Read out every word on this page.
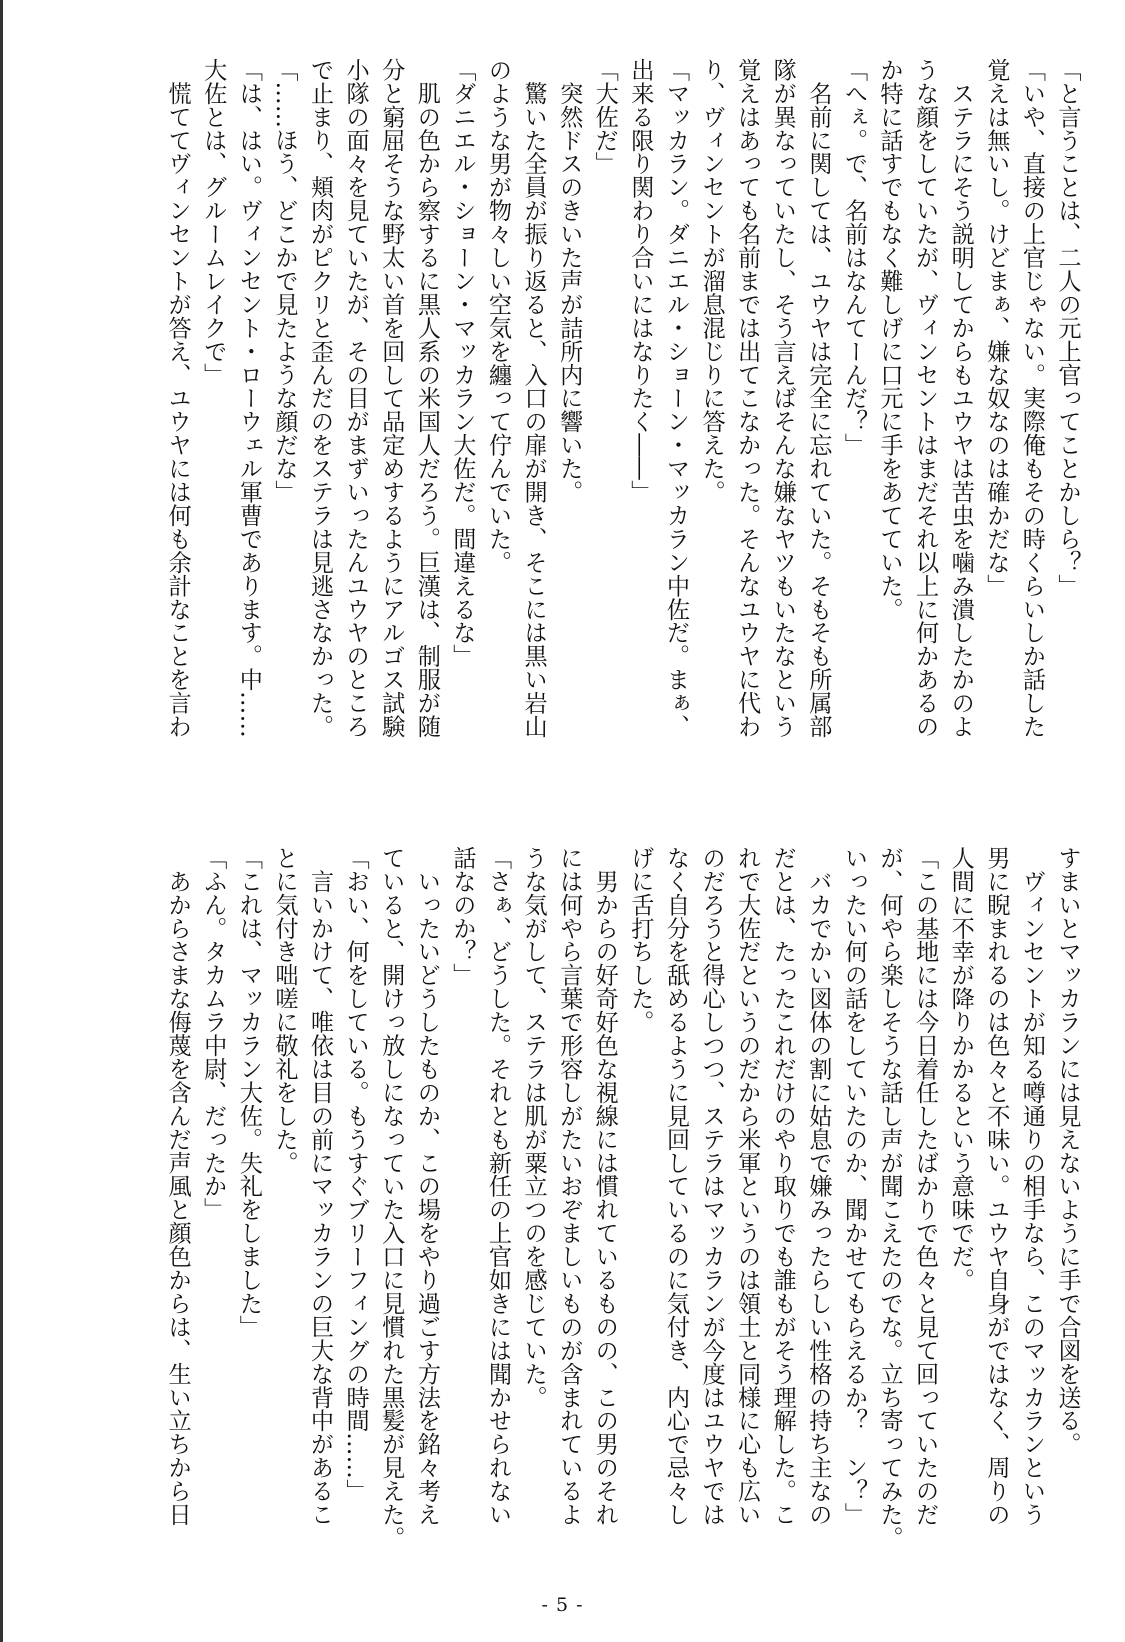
「と言うことは、二人の元上官ってことかしら？」
「いや、直接の上官じゃない。実際俺もその時くらいしか話した
覚えは無いし。けどまぁ、嫌な奴なのは確かだな」
　ステラにそう説明してからもユウヤは苦虫を噛み潰したかのよ
うな顔をしていたが、ヴィンセントはまだそれ以上に何かあるの
か特に話すでもなく難しげに口元に手をあてていた。
「へぇ。で、名前はなんてーんだ？」
　名前に関しては、ユウヤは完全に忘れていた。そもそも所属部
隊が異なっていたし、そう言えばそんな嫌なヤツもいたなという
覚えはあっても名前までは出てこなかった。そんなユウヤに代わ
り、ヴィンセントが溜息混じりに答えた。
「マッカラン。ダニエル・ショーン・マッカラン中佐だ。まぁ、
出来る限り関わり合いにはなりたく――」
「大佐だ」
　突然ドスのきいた声が詰所内に響いた。
　驚いた全員が振り返ると、入口の扉が開き、そこには黒い岩山
のような男が物々しい空気を纏って佇んでいた。
「ダニエル・ショーン・マッカラン大佐だ。間違えるな」
　肌の色から察するに黒人系の米国人だろう。巨漢は、制服が随
分と窮屈そうな野太い首を回して品定めするようにアルゴス試験
小隊の面々を見ていたが、その目がまずいったんユウヤのところ
で止まり、頬肉がピクリと歪んだのをステラは見逃さなかった。
「……ほう、どこかで見たような顔だな」
「は、はい。ヴィンセント・ローウェル軍曹であります。中……
大佐とは、グルームレイクで」
　慌ててヴィンセントが答え、ユウヤには何も余計なことを言わ
すまいとマッカランには見えないように手で合図を送る。
　ヴィンセントが知る噂通りの相手なら、このマッカランという
男に睨まれるのは色々と不味い。ユウヤ自身がではなく、周りの
人間に不幸が降りかかるという意味でだ。
「この基地には今日着任したばかりで色々と見て回っていたのだ
が、何やら楽しそうな話し声が聞こえたのでな。立ち寄ってみた。
いったい何の話をしていたのか、聞かせてもらえるか？　ン？」
　バカでかい図体の割に姑息で嫌みったらしい性格の持ち主なの
だとは、たったこれだけのやり取りでも誰もがそう理解した。こ
れで大佐だというのだから米軍というのは領土と同様に心も広い
のだろうと得心しつつ、ステラはマッカランが今度はユウヤでは
なく自分を舐めるように見回しているのに気付き、内心で忌々し
げに舌打ちした。
　男からの好奇好色な視線には慣れているものの、この男のそれ
には何やら言葉で形容しがたいおぞましいものが含まれているよ
うな気がして、ステラは肌が粟立つのを感じていた。
「さぁ、どうした。それとも新任の上官如きには聞かせられない
話なのか？」
　いったいどうしたものか、この場をやり過ごす方法を銘々考え
ていると、開けっ放しになっていた入口に見慣れた黒髪が見えた。
「おい、何をしている。もうすぐブリーフィングの時間……」
　言いかけて、唯依は目の前にマッカランの巨大な背中があるこ
とに気付き咄嗟に敬礼をした。
「これは、マッカラン大佐。失礼をしました」
「ふん。タカムラ中尉、だったか」
　あからさまな侮蔑を含んだ声風と顔色からは、生い立ちから日
- 5 -
